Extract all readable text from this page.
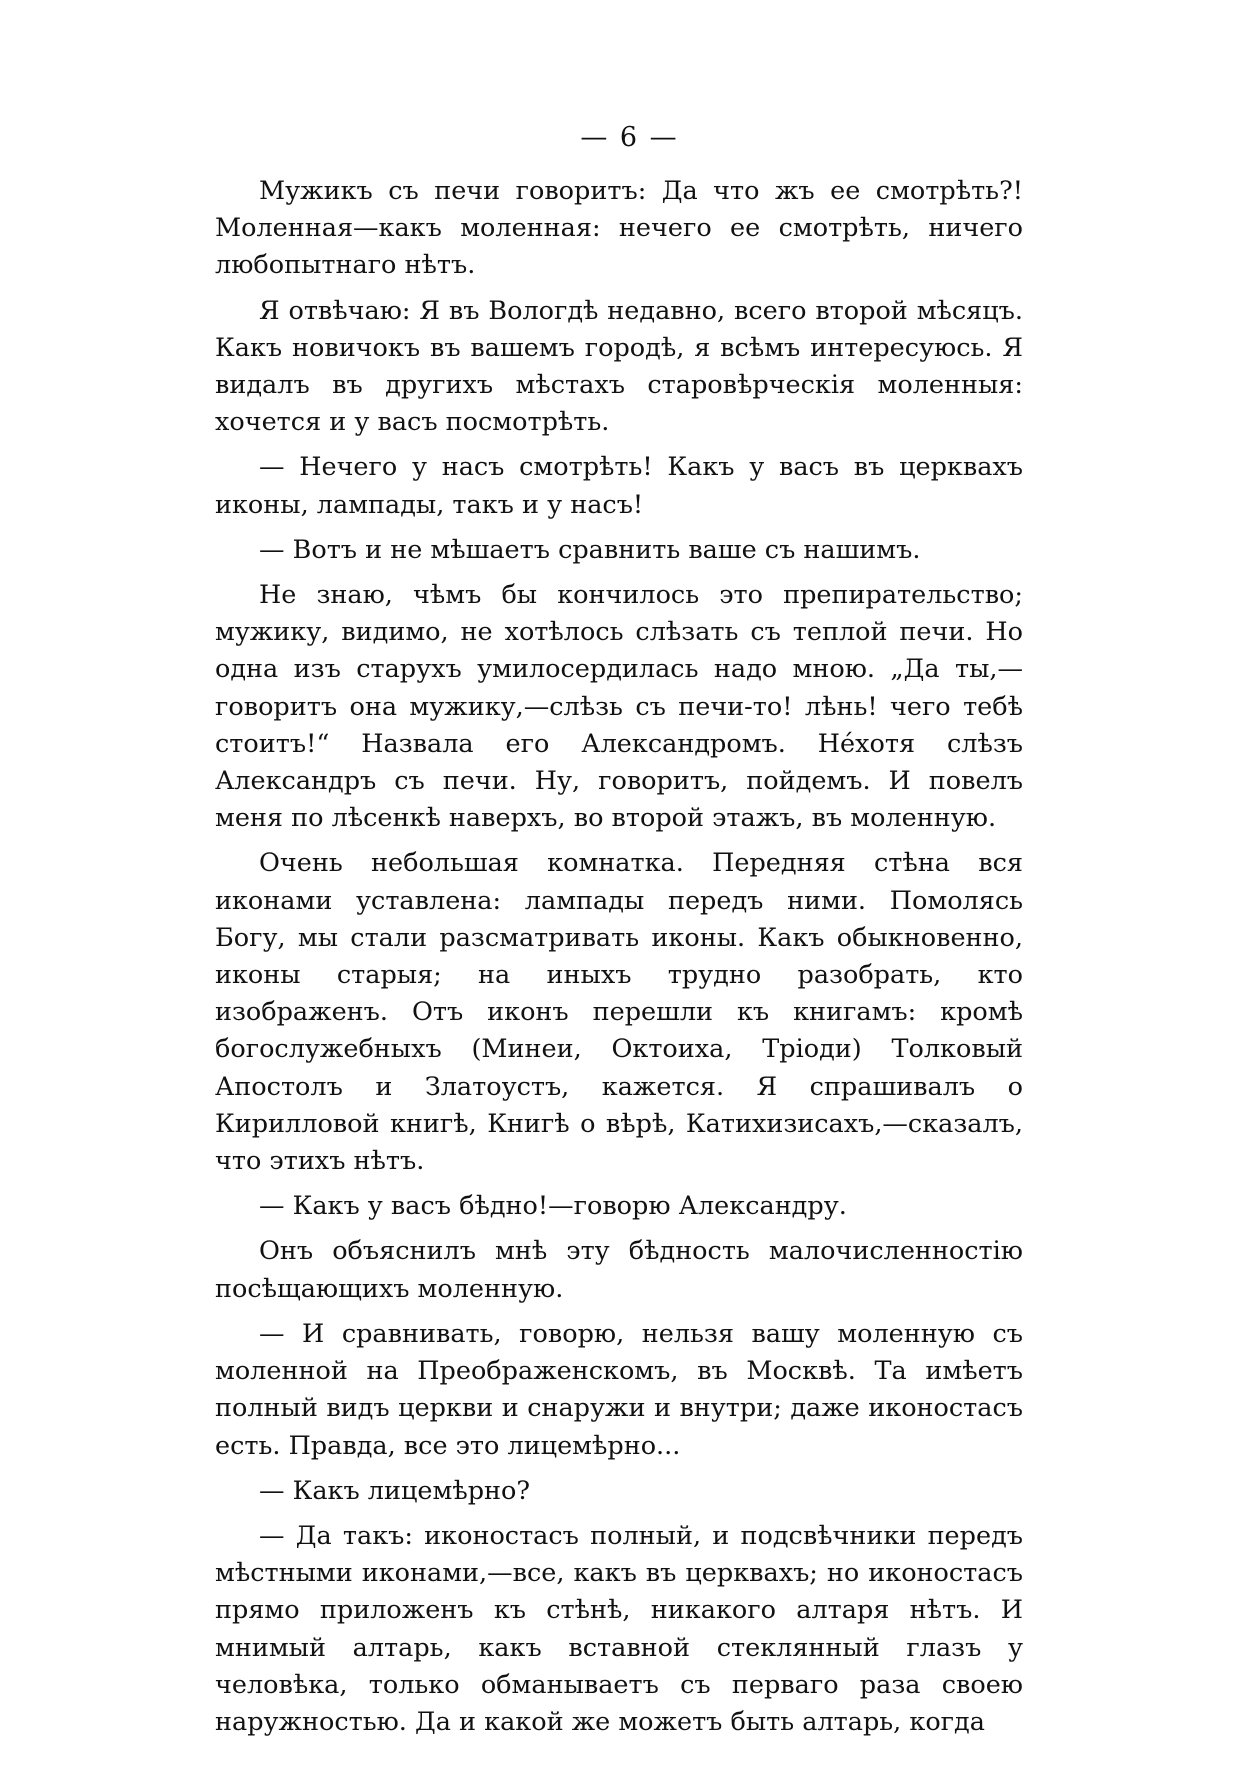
— 6 —

Мужикъ съ печи говоритъ: Да что жъ ее смотрѣть?! Моленная—какъ моленная: нечего ее смотрѣть, ничего любопытнаго нѣтъ.

Я отвѣчаю: Я въ Вологдѣ недавно, всего второй мѣсяцъ. Какъ новичокъ въ вашемъ городѣ, я всѣмъ интересуюсь. Я видалъ въ другихъ мѣстахъ старовѣрческія моленныя: хочется и у васъ посмотрѣть.

— Нечего у насъ смотрѣть! Какъ у васъ въ церквахъ иконы, лампады, такъ и у насъ!

— Вотъ и не мѣшаетъ сравнить ваше съ нашимъ.

Не знаю, чѣмъ бы кончилось это препирательство; мужику, видимо, не хотѣлось слѣзать съ теплой печи. Но одна изъ старухъ умилосердилась надо мною. „Да ты,— говоритъ она мужику,—слѣзь съ печи-то! лѣнь! чего тебѣ стоитъ!“ Назвала его Александромъ. Нéхотя слѣзъ Александръ съ печи. Ну, говоритъ, пойдемъ. И повелъ меня по лѣсенкѣ наверхъ, во второй этажъ, въ моленную.

Очень небольшая комнатка. Передняя стѣна вся иконами уставлена: лампады передъ ними. Помолясь Богу, мы стали разсматривать иконы. Какъ обыкновенно, иконы старыя; на иныхъ трудно разобрать, кто изображенъ. Отъ иконъ перешли къ книгамъ: кромѣ богослужебныхъ (Минеи, Октоиха, Тріоди) Толковый Апостолъ и Златоустъ, кажется. Я спрашивалъ о Кирилловой книгѣ, Книгѣ о вѣрѣ, Катихизисахъ,—сказалъ, что этихъ нѣтъ.

— Какъ у васъ бѣдно!—говорю Александру.

Онъ объяснилъ мнѣ эту бѣдность малочисленностію посѣщающихъ моленную.

— И сравнивать, говорю, нельзя вашу моленную съ моленной на Преображенскомъ, въ Москвѣ. Та имѣетъ полный видъ церкви и снаружи и внутри; даже иконостасъ есть. Правда, все это лицемѣрно...

— Какъ лицемѣрно?

— Да такъ: иконостасъ полный, и подсвѣчники передъ мѣстными иконами,—все, какъ въ церквахъ; но иконостасъ прямо приложенъ къ стѣнѣ, никакого алтаря нѣтъ. И мнимый алтарь, какъ вставной стеклянный глазъ у человѣка, только обманываетъ съ перваго раза своею наружностью. Да и какой же можетъ быть алтарь, когда
